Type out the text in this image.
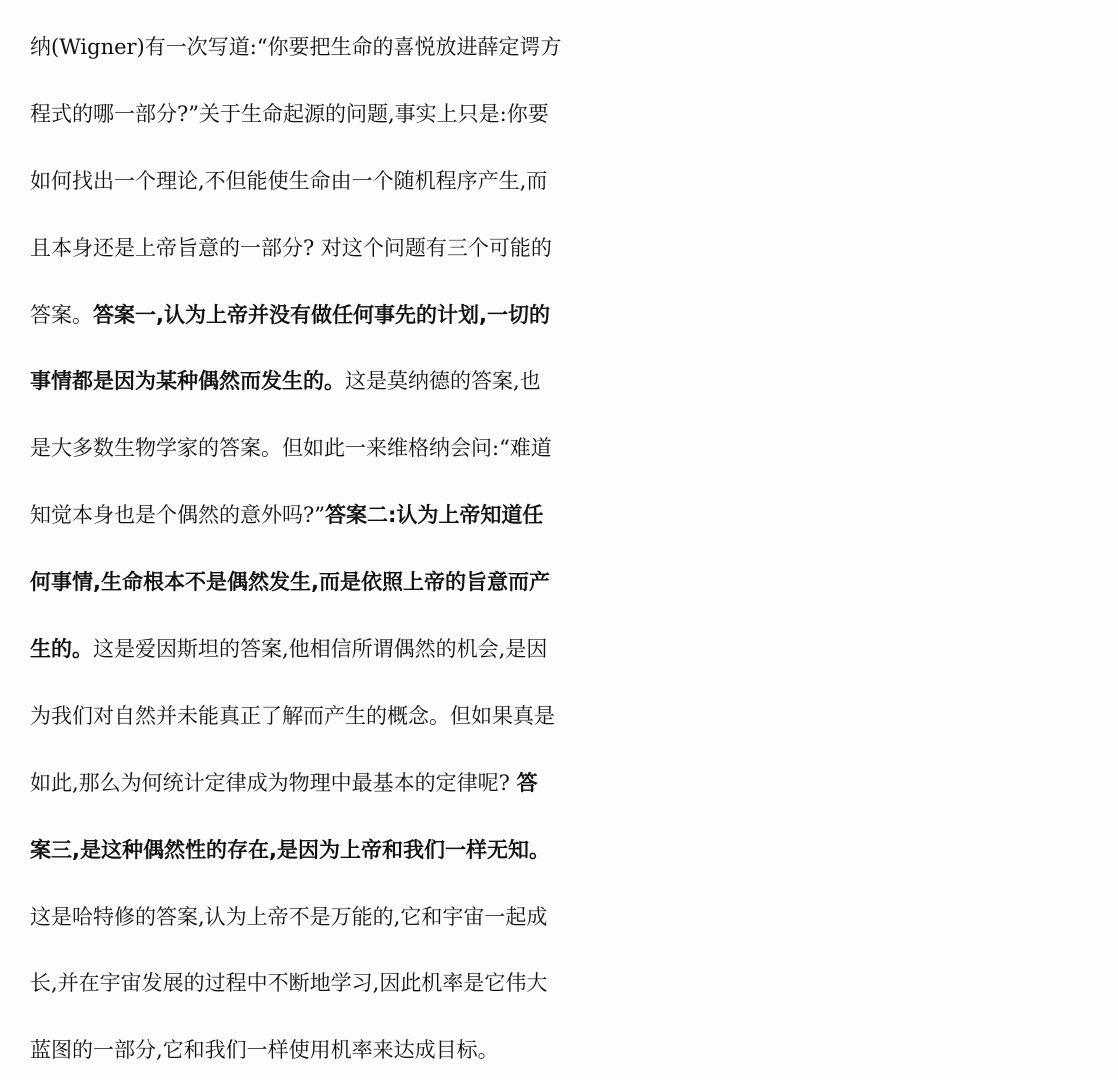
纳(Wigner)有一次写道:“你要把生命的喜悦放进薛定谔方
程式的哪一部分?”关于生命起源的问题,事实上只是:你要
如何找出一个理论,不但能使生命由一个随机程序产生,而
且本身还是上帝旨意的一部分? 对这个问题有三个可能的
答案。答案一,认为上帝并没有做任何事先的计划,一切的
事情都是因为某种偶然而发生的。这是莫纳德的答案,也
是大多数生物学家的答案。但如此一来维格纳会问:“难道
知觉本身也是个偶然的意外吗?”答案二:认为上帝知道任
何事情,生命根本不是偶然发生,而是依照上帝的旨意而产
生的。这是爱因斯坦的答案,他相信所谓偶然的机会,是因
为我们对自然并未能真正了解而产生的概念。但如果真是
如此,那么为何统计定律成为物理中最基本的定律呢? 答
案三,是这种偶然性的存在,是因为上帝和我们一样无知。
这是哈特修的答案,认为上帝不是万能的,它和宇宙一起成
长,并在宇宙发展的过程中不断地学习,因此机率是它伟大
蓝图的一部分,它和我们一样使用机率来达成目标。
